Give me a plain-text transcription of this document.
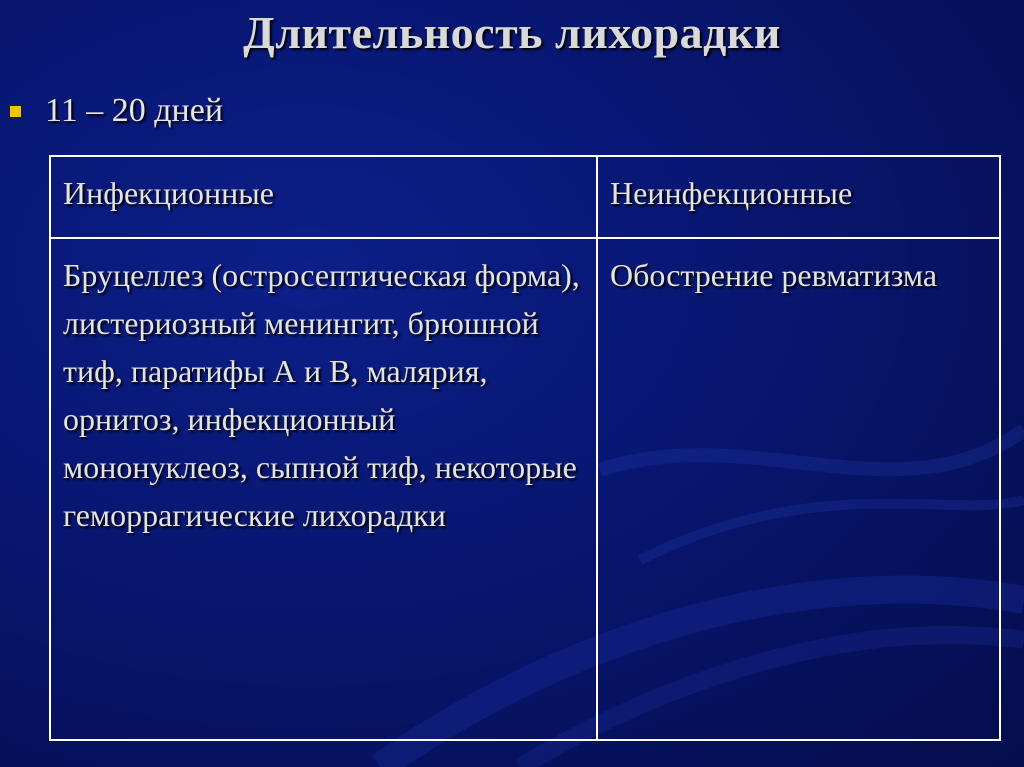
Длительность лихорадки
11 – 20 дней
Инфекционные	Неинфекционные
Бруцеллез (остросептическая форма), листериозный менингит, брюшной тиф, паратифы А и В, малярия, орнитоз, инфекционный мононуклеоз, сыпной тиф, некоторые геморрагические лихорадки	Обострение ревматизма
